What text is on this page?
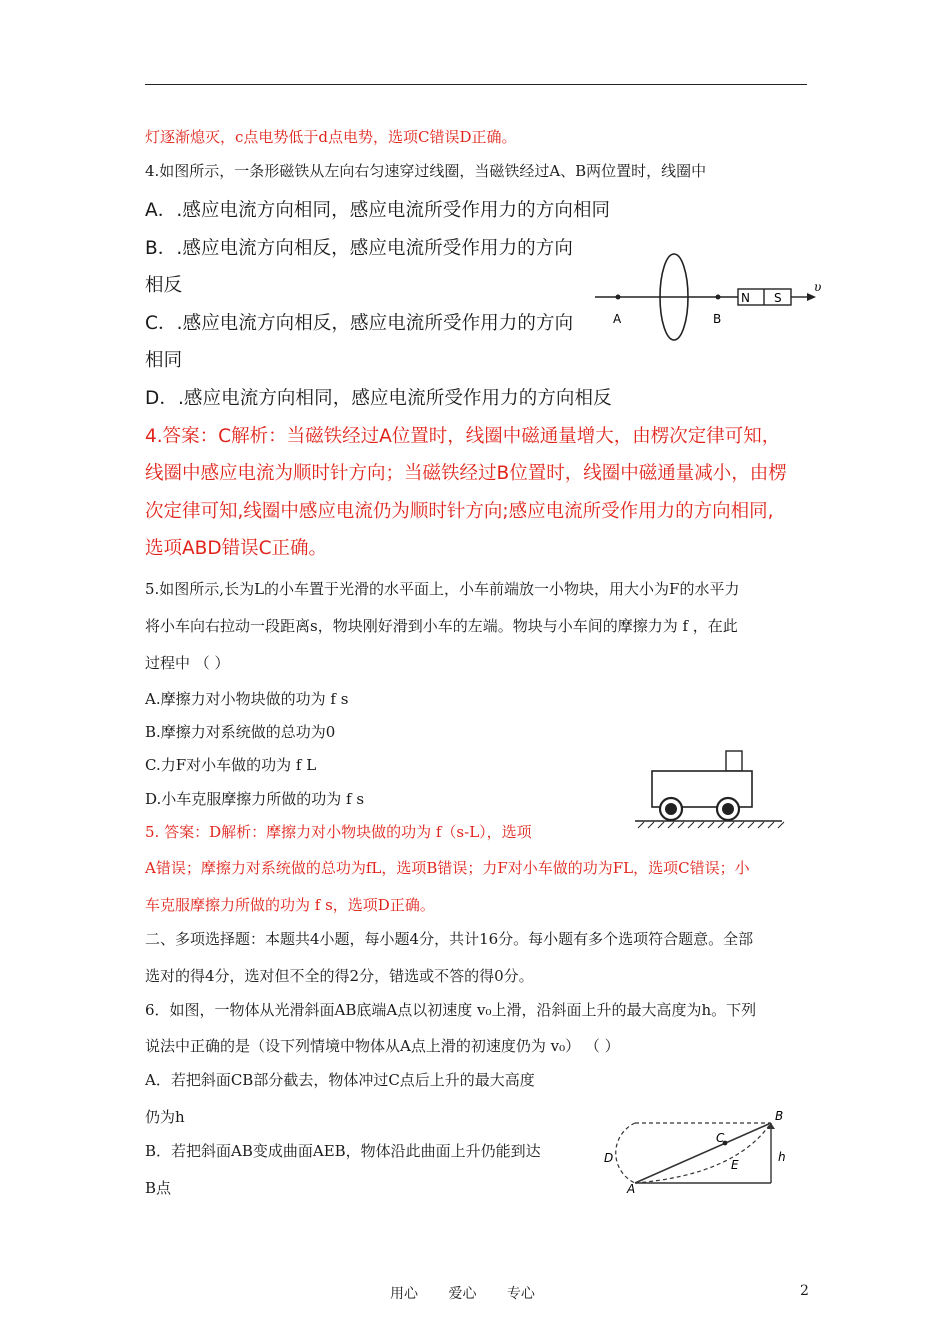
灯逐渐熄灭，c点电势低于d点电势，选项C错误D正确。
4.如图所示，一条形磁铁从左向右匀速穿过线圈，当磁铁经过A、B两位置时，线圈中
A．.感应电流方向相同，感应电流所受作用力的方向相同
B．.感应电流方向相反，感应电流所受作用力的方向
相反
C．.感应电流方向相反，感应电流所受作用力的方向
相同
D．.感应电流方向相同，感应电流所受作用力的方向相反
A	B
N S
υ
4.答案：C解析：当磁铁经过A位置时，线圈中磁通量增大，由楞次定律可知，
线圈中感应电流为顺时针方向；当磁铁经过B位置时，线圈中磁通量减小，由楞
次定律可知,线圈中感应电流仍为顺时针方向;感应电流所受作用力的方向相同,
选项ABD错误C正确。
5.如图所示,长为L的小车置于光滑的水平面上，小车前端放一小物块，用大小为F的水平力
将小车向右拉动一段距离s，物块刚好滑到小车的左端。物块与小车间的摩擦力为 f ，在此
过程中 （ ）
A.摩擦力对小物块做的功为 f s
B.摩擦力对系统做的总功为0
C.力F对小车做的功为 f L
D.小车克服摩擦力所做的功为 f s
5. 答案：D解析：摩擦力对小物块做的功为 f（s-L），选项
A错误；摩擦力对系统做的总功为fL，选项B错误；力F对小车做的功为FL，选项C错误；小
车克服摩擦力所做的功为 f s，选项D正确。
二、多项选择题：本题共4小题，每小题4分，共计16分。每小题有多个选项符合题意。全部
选对的得4分，选对但不全的得2分，错选或不答的得0分。
6．如图，一物体从光滑斜面AB底端A点以初速度 v₀上滑，沿斜面上升的最大高度为h。下列
说法中正确的是（设下列情境中物体从A点上滑的初速度仍为 v₀） （ ）
A．若把斜面CB部分截去，物体冲过C点后上升的最大高度
仍为h
B．若把斜面AB变成曲面AEB，物体沿此曲面上升仍能到达
B点	A
B
C
D	E
h
用心 爱心 专心	2
